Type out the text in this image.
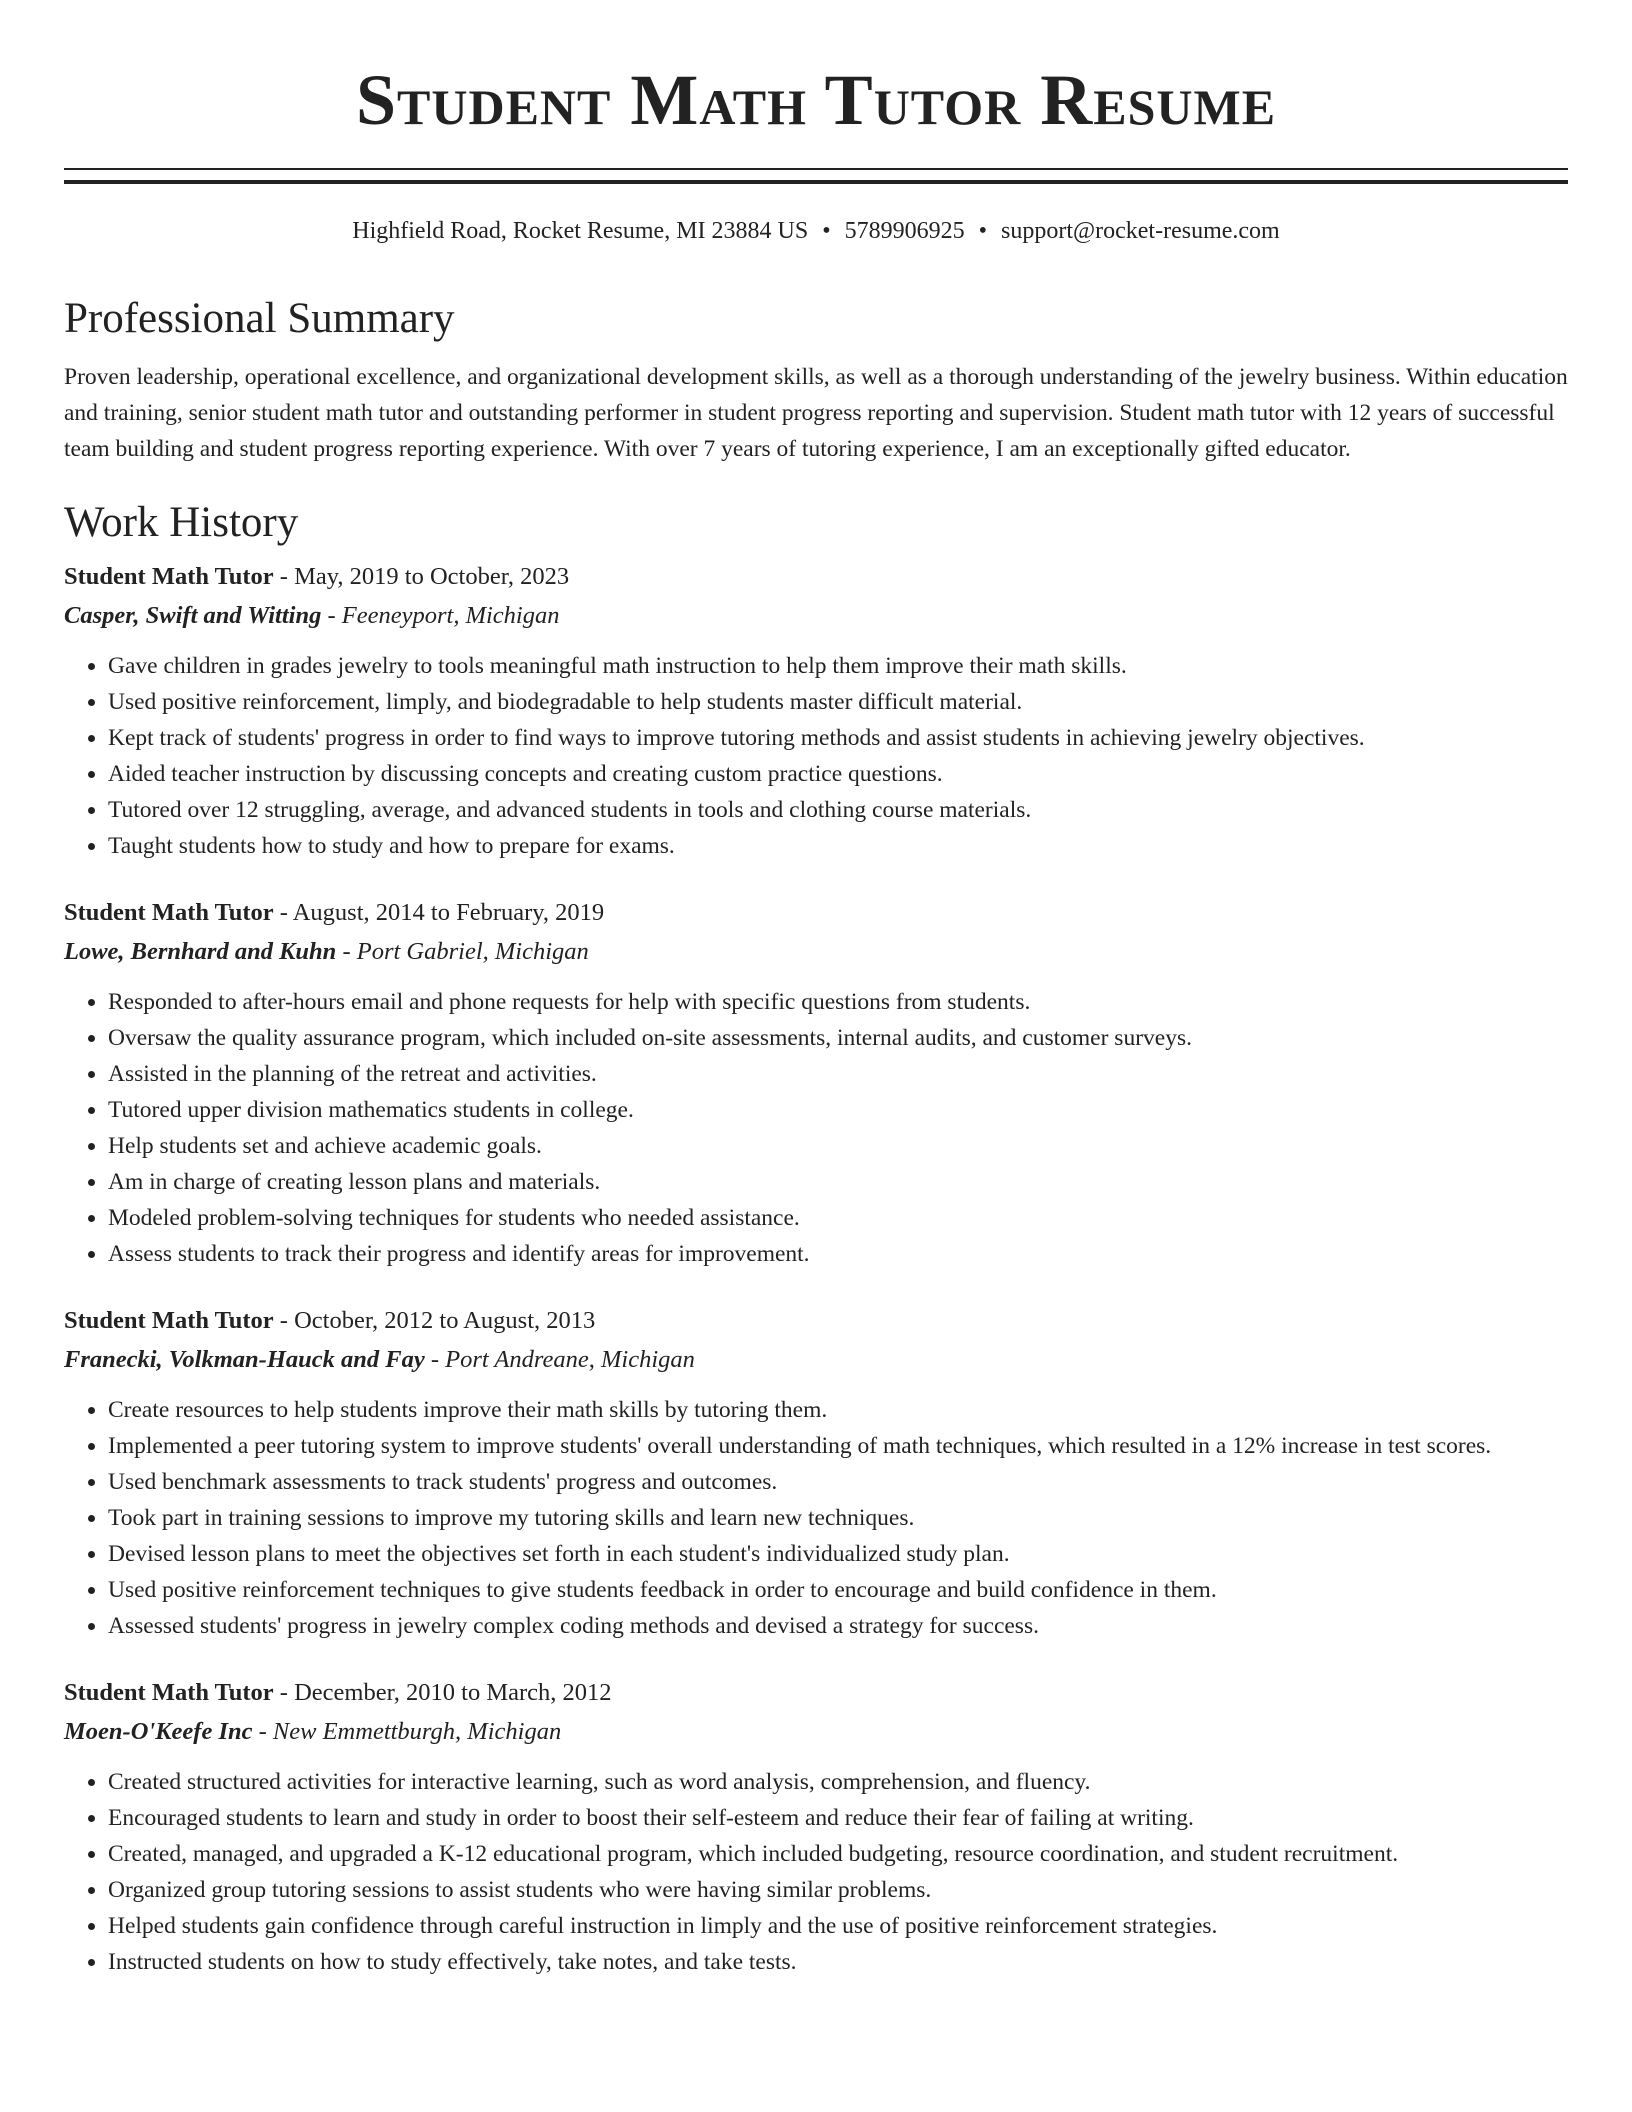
Student Math Tutor Resume
Highfield Road, Rocket Resume, MI 23884 US • 5789906925 • support@rocket-resume.com
Professional Summary

Proven leadership, operational excellence, and organizational development skills, as well as a thorough understanding of the jewelry business. Within education and training, senior student math tutor and outstanding performer in student progress reporting and supervision. Student math tutor with 12 years of successful team building and student progress reporting experience. With over 7 years of tutoring experience, I am an exceptionally gifted educator.

Work History

Student Math Tutor - May, 2019 to October, 2023

Casper, Swift and Witting - Feeneyport, Michigan

• Gave children in grades jewelry to tools meaningful math instruction to help them improve their math skills.
• Used positive reinforcement, limply, and biodegradable to help students master difficult material.
• Kept track of students' progress in order to find ways to improve tutoring methods and assist students in achieving jewelry objectives.
• Aided teacher instruction by discussing concepts and creating custom practice questions.
• Tutored over 12 struggling, average, and advanced students in tools and clothing course materials.
• Taught students how to study and how to prepare for exams.

Student Math Tutor - August, 2014 to February, 2019

Lowe, Bernhard and Kuhn - Port Gabriel, Michigan

• Responded to after-hours email and phone requests for help with specific questions from students.
• Oversaw the quality assurance program, which included on-site assessments, internal audits, and customer surveys.
• Assisted in the planning of the retreat and activities.
• Tutored upper division mathematics students in college.
• Help students set and achieve academic goals.
• Am in charge of creating lesson plans and materials.
• Modeled problem-solving techniques for students who needed assistance.
• Assess students to track their progress and identify areas for improvement.

Student Math Tutor - October, 2012 to August, 2013

Franecki, Volkman-Hauck and Fay - Port Andreane, Michigan

• Create resources to help students improve their math skills by tutoring them.
• Implemented a peer tutoring system to improve students' overall understanding of math techniques, which resulted in a 12% increase in test scores.
• Used benchmark assessments to track students' progress and outcomes.
• Took part in training sessions to improve my tutoring skills and learn new techniques.
• Devised lesson plans to meet the objectives set forth in each student's individualized study plan.
• Used positive reinforcement techniques to give students feedback in order to encourage and build confidence in them.
• Assessed students' progress in jewelry complex coding methods and devised a strategy for success.

Student Math Tutor - December, 2010 to March, 2012

Moen-O'Keefe Inc - New Emmettburgh, Michigan

• Created structured activities for interactive learning, such as word analysis, comprehension, and fluency.
• Encouraged students to learn and study in order to boost their self-esteem and reduce their fear of failing at writing.
• Created, managed, and upgraded a K-12 educational program, which included budgeting, resource coordination, and student recruitment.
• Organized group tutoring sessions to assist students who were having similar problems.
• Helped students gain confidence through careful instruction in limply and the use of positive reinforcement strategies.
• Instructed students on how to study effectively, take notes, and take tests.
